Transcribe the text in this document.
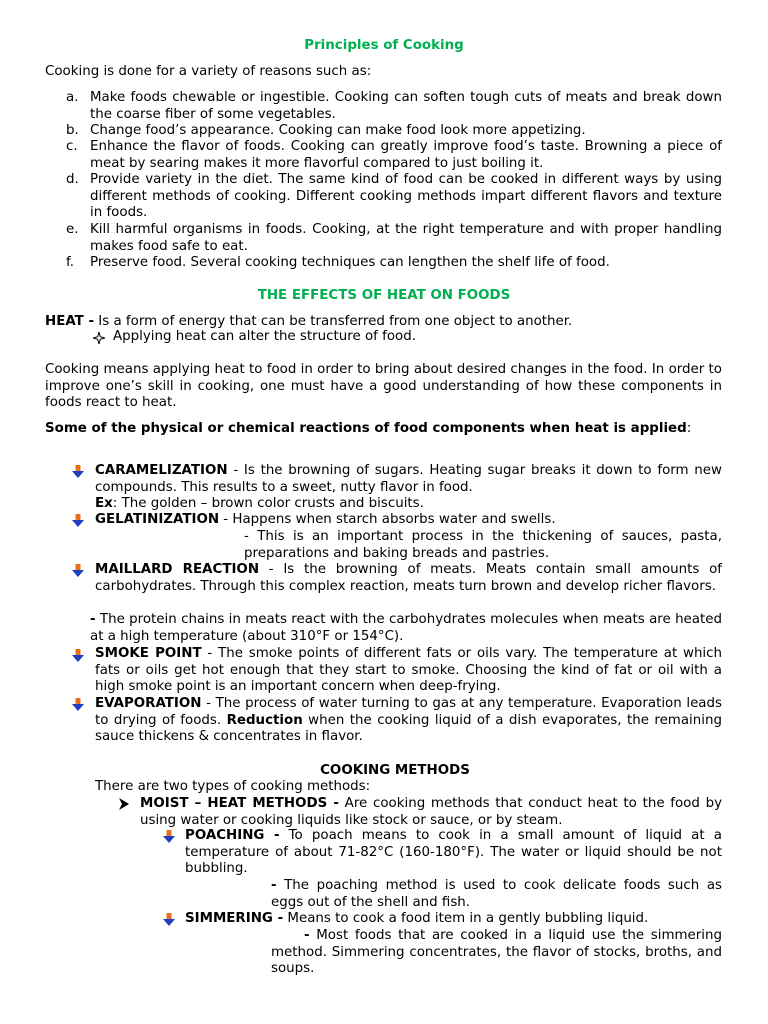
Principles of Cooking
Cooking is done for a variety of reasons such as:
a. Make foods chewable or ingestible. Cooking can soften tough cuts of meats and break down the coarse fiber of some vegetables.
b. Change food’s appearance. Cooking can make food look more appetizing.
c. Enhance the flavor of foods. Cooking can greatly improve food’s taste. Browning a piece of meat by searing makes it more flavorful compared to just boiling it.
d. Provide variety in the diet. The same kind of food can be cooked in different ways by using different methods of cooking. Different cooking methods impart different flavors and texture in foods.
e. Kill harmful organisms in foods. Cooking, at the right temperature and with proper handling makes food safe to eat.
f.	Preserve food. Several cooking techniques can lengthen the shelf life of food.
THE EFFECTS OF HEAT ON FOODS
HEAT - Is a form of energy that can be transferred from one object to another.
Applying heat can alter the structure of food.
Cooking means applying heat to food in order to bring about desired changes in the food. In order to improve one’s skill in cooking, one must have a good understanding of how these components in foods react to heat.
Some of the physical or chemical reactions of food components when heat is applied:
CARAMELIZATION - Is the browning of sugars. Heating sugar breaks it down to form new compounds. This results to a sweet, nutty flavor in food.
Ex: The golden – brown color crusts and biscuits.
GELATINIZATION - Happens when starch absorbs water and swells.
- This is an important process in the thickening of sauces, pasta, preparations and baking breads and pastries.
MAILLARD REACTION - Is the browning of meats. Meats contain small amounts of carbohydrates. Through this complex reaction, meats turn brown and develop richer flavors.
- The protein chains in meats react with the carbohydrates molecules when meats are heated at a high temperature (about 310°F or 154°C).
SMOKE POINT - The smoke points of different fats or oils vary. The temperature at which fats or oils get hot enough that they start to smoke. Choosing the kind of fat or oil with a high smoke point is an important concern when deep-frying.
EVAPORATION - The process of water turning to gas at any temperature. Evaporation leads to drying of foods. Reduction when the cooking liquid of a dish evaporates, the remaining sauce thickens & concentrates in flavor.
COOKING METHODS
There are two types of cooking methods:
MOIST – HEAT METHODS - Are cooking methods that conduct heat to the food by using water or cooking liquids like stock or sauce, or by steam.
POACHING - To poach means to cook in a small amount of liquid at a temperature of about 71-82°C (160-180°F). The water or liquid should be not bubbling.
- The poaching method is used to cook delicate foods such as eggs out of the shell and fish.
SIMMERING - Means to cook a food item in a gently bubbling liquid.
- Most foods that are cooked in a liquid use the simmering method. Simmering concentrates, the flavor of stocks, broths, and soups.
